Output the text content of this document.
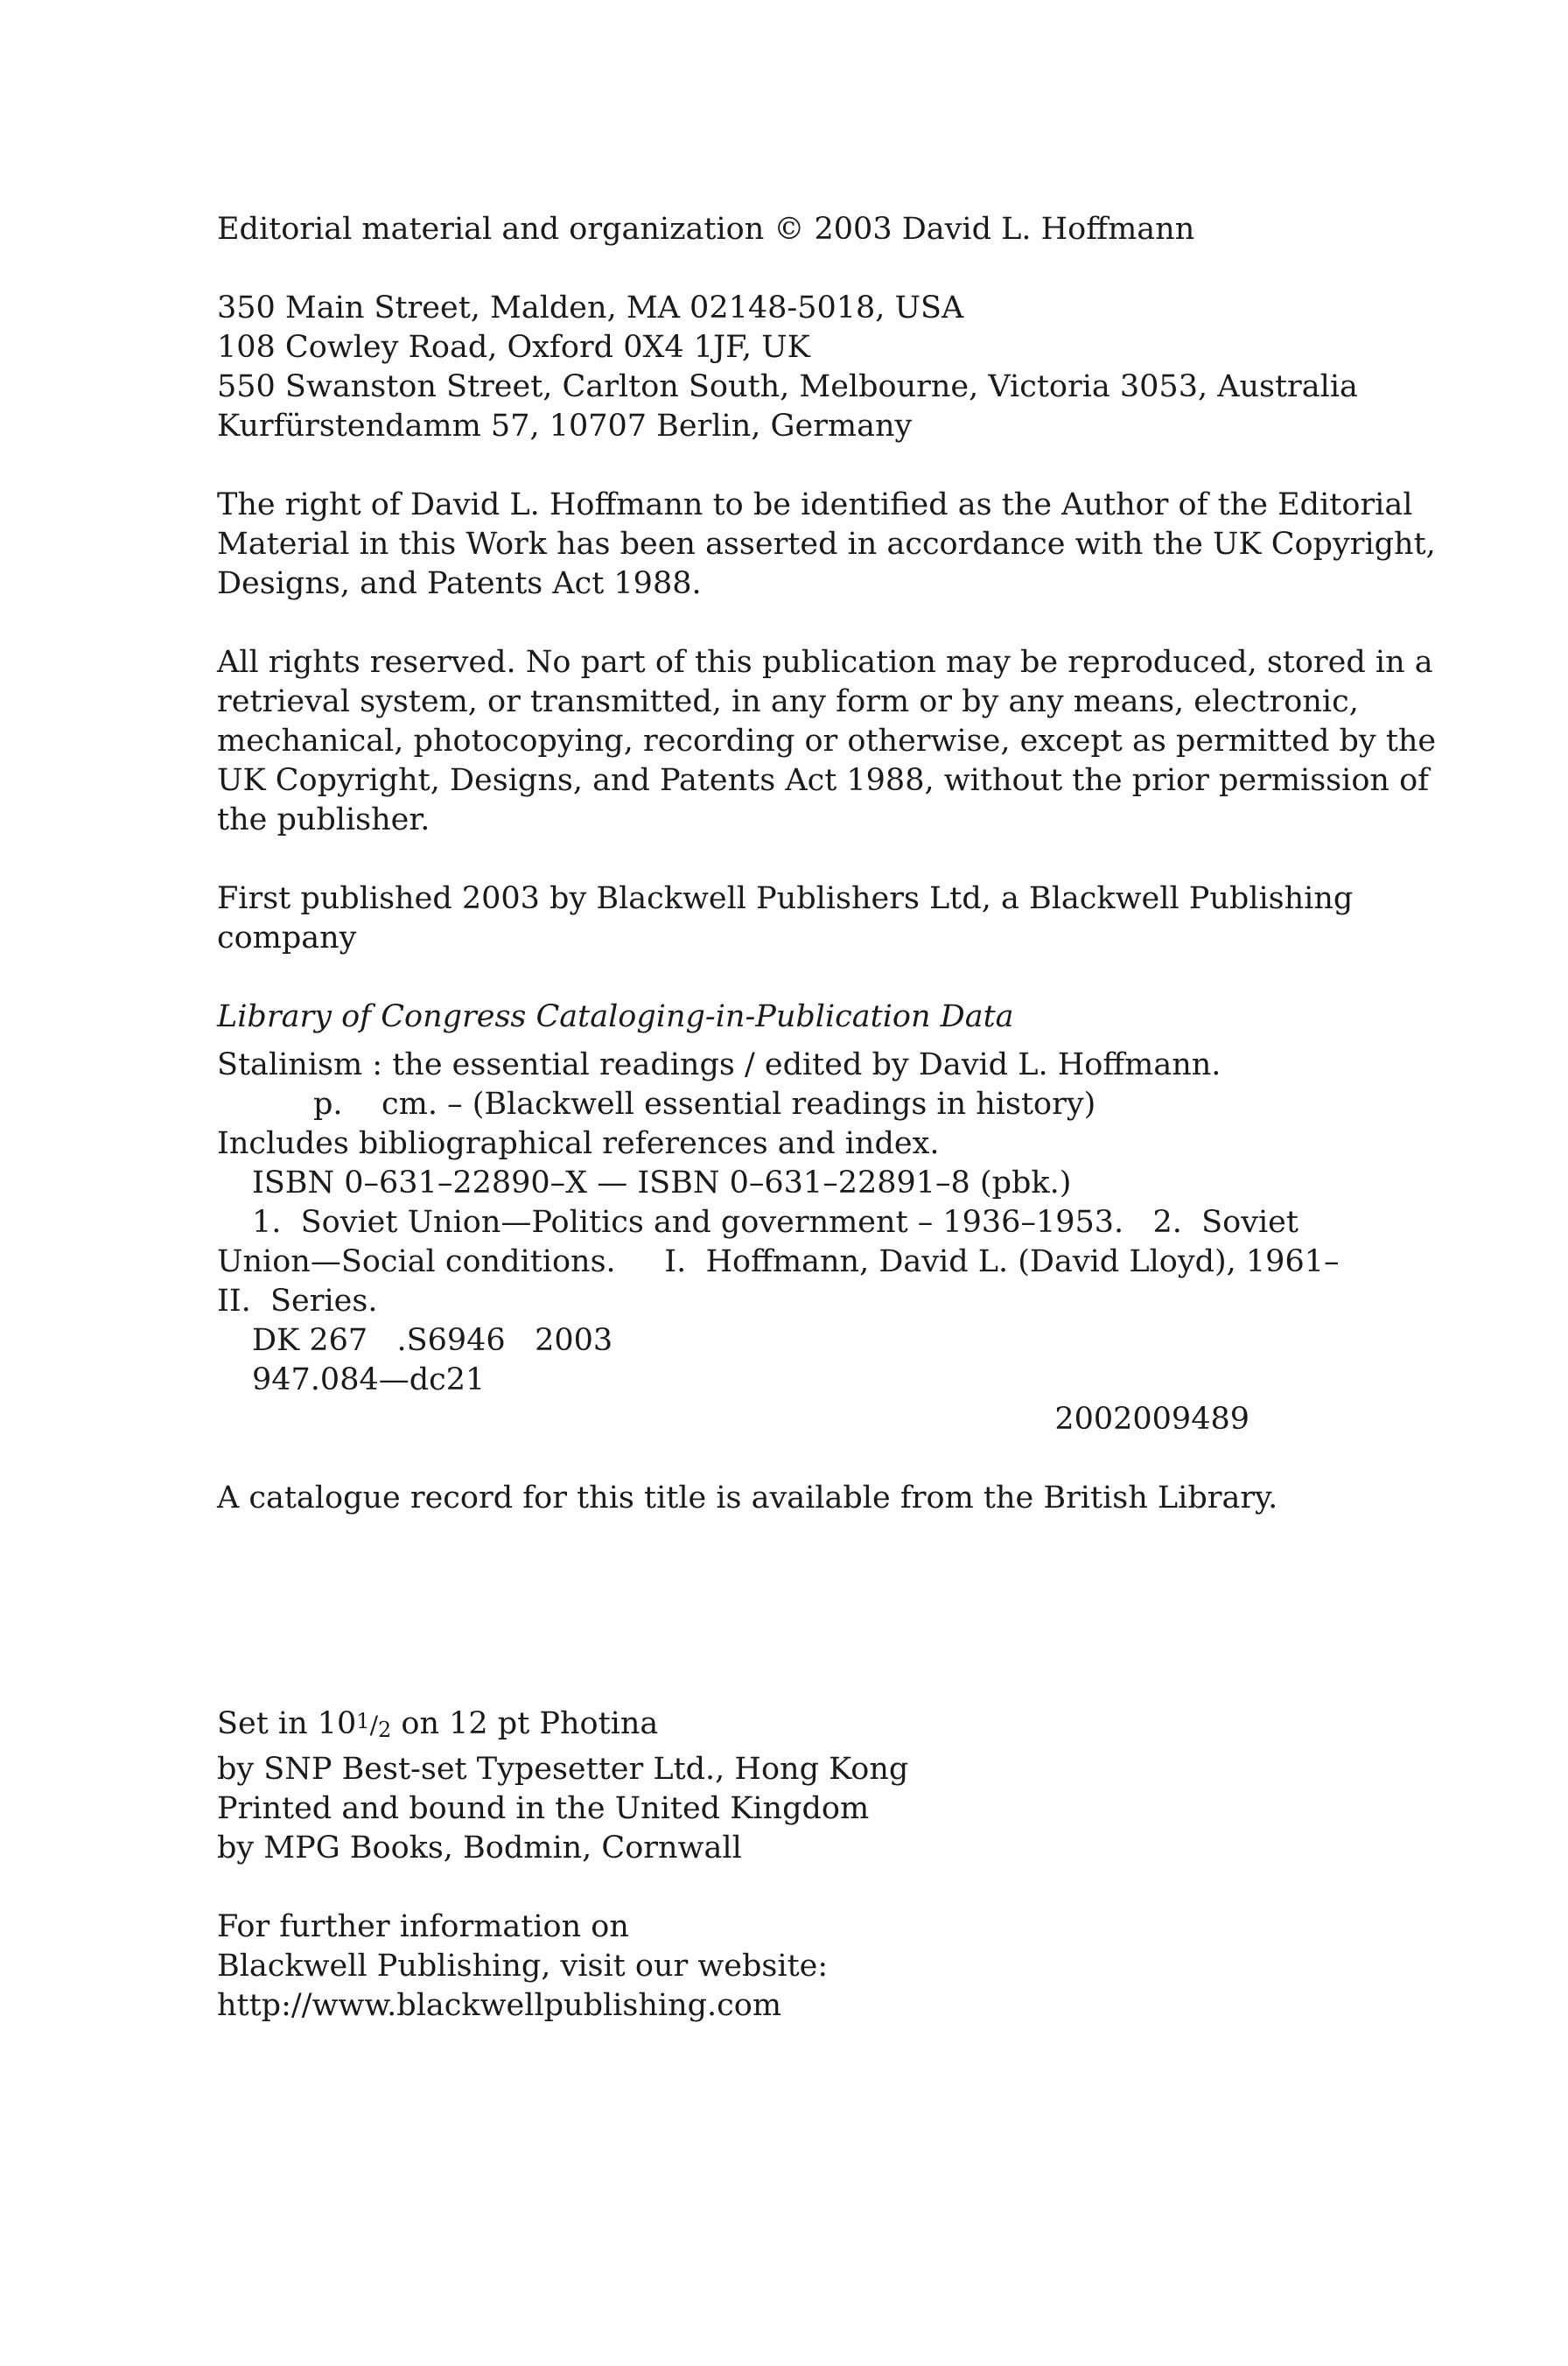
Editorial material and organization © 2003 David L. Hoffmann

350 Main Street, Malden, MA 02148-5018, USA
108 Cowley Road, Oxford 0X4 1JF, UK
550 Swanston Street, Carlton South, Melbourne, Victoria 3053, Australia
Kurfürstendamm 57, 10707 Berlin, Germany

The right of David L. Hoffmann to be identified as the Author of the Editorial
Material in this Work has been asserted in accordance with the UK Copyright,
Designs, and Patents Act 1988.

All rights reserved. No part of this publication may be reproduced, stored in a
retrieval system, or transmitted, in any form or by any means, electronic,
mechanical, photocopying, recording or otherwise, except as permitted by the
UK Copyright, Designs, and Patents Act 1988, without the prior permission of
the publisher.

First published 2003 by Blackwell Publishers Ltd, a Blackwell Publishing
company

Library of Congress Cataloging-in-Publication Data

Stalinism : the essential readings / edited by David L. Hoffmann.
p.    cm. – (Blackwell essential readings in history)
Includes bibliographical references and index.
ISBN 0–631–22890–X — ISBN 0–631–22891–8 (pbk.)
1.  Soviet Union—Politics and government – 1936–1953.   2.  Soviet
Union—Social conditions.     I.  Hoffmann, David L. (David Lloyd), 1961–
II.  Series.
DK 267   .S6946   2003
947.084—dc21
2002009489

A catalogue record for this title is available from the British Library.

Set in 101/2 on 12 pt Photina
by SNP Best-set Typesetter Ltd., Hong Kong
Printed and bound in the United Kingdom
by MPG Books, Bodmin, Cornwall

For further information on
Blackwell Publishing, visit our website:
http://www.blackwellpublishing.com
